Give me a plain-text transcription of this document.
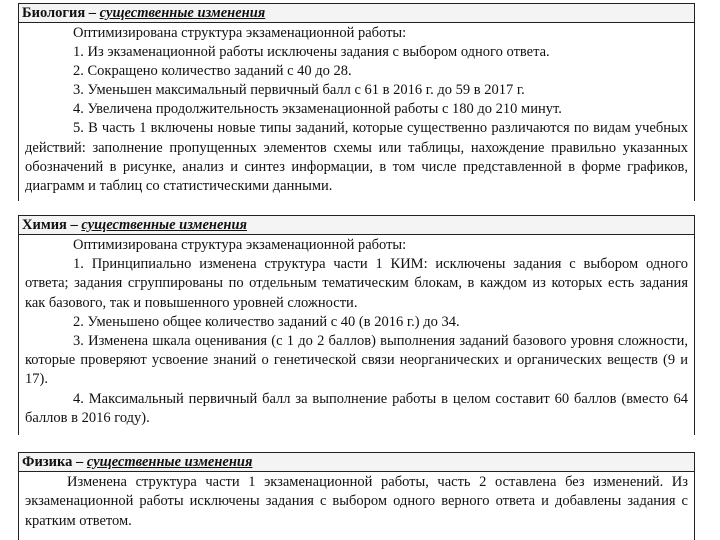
Биология – существенные изменения

Оптимизирована структура экзаменационной работы:

1. Из экзаменационной работы исключены задания с выбором одного ответа.

2. Сокращено количество заданий с 40 до 28.

3. Уменьшен максимальный первичный балл с 61 в 2016 г. до 59 в 2017 г.

4. Увеличена продолжительность экзаменационной работы с 180 до 210 минут.

5. В часть 1 включены новые типы заданий, которые существенно различаются по видам учебных действий: заполнение пропущенных элементов схемы или таблицы, нахождение правильно указанных обозначений в рисунке, анализ и синтез информации, в том числе представленной в форме графиков, диаграмм и таблиц со статистическими данными.

Химия – существенные изменения

Оптимизирована структура экзаменационной работы:

1. Принципиально изменена структура части 1 КИМ: исключены задания с выбором одного ответа; задания сгруппированы по отдельным тематическим блокам, в каждом из которых есть задания как базового, так и повышенного уровней сложности.

2. Уменьшено общее количество заданий с 40 (в 2016 г.) до 34.

3. Изменена шкала оценивания (с 1 до 2 баллов) выполнения заданий базового уровня сложности, которые проверяют усвоение знаний о генетической связи неорганических и органических веществ (9 и 17).

4. Максимальный первичный балл за выполнение работы в целом составит 60 баллов (вместо 64 баллов в 2016 году).

Физика – существенные изменения

Изменена структура части 1 экзаменационной работы, часть 2 оставлена без изменений. Из экзаменационной работы исключены задания с выбором одного верного ответа и добавлены задания с кратким ответом.
